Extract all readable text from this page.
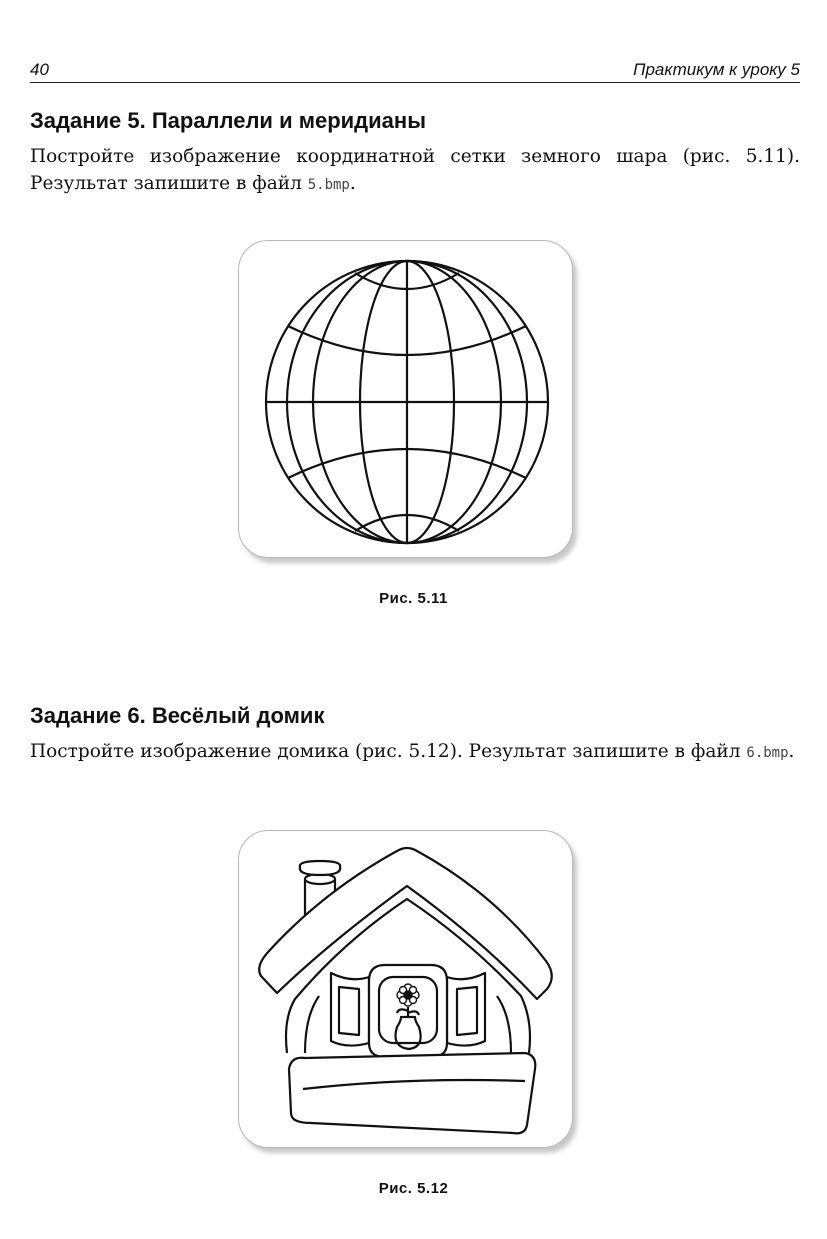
40	Практикум к уроку 5
Задание 5. Параллели и меридианы

Постройте изображение координатной сетки земного шара (рис. 5.11). Результат запишите в файл 5.bmp.

Рис. 5.11
Задание 6. Весёлый домик

Постройте изображение домика (рис. 5.12). Результат запишите в файл 6.bmp.

Рис. 5.12
